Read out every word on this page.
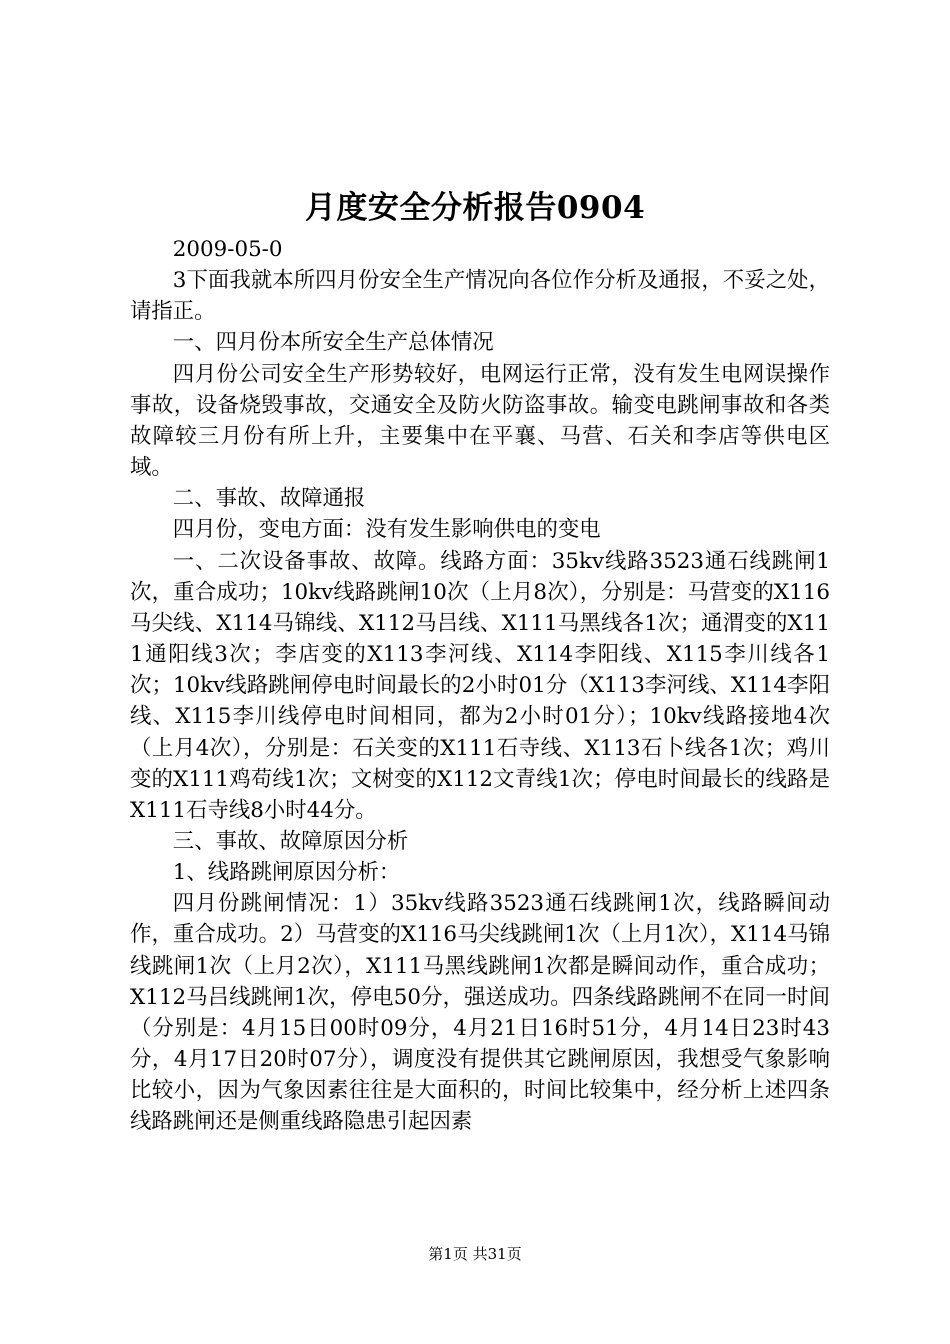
月度安全分析报告0904

2009-05-0

3下面我就本所四月份安全生产情况向各位作分析及通报，不妥之处，请指正。

一、四月份本所安全生产总体情况

四月份公司安全生产形势较好，电网运行正常，没有发生电网误操作事故，设备烧毁事故，交通安全及防火防盗事故。输变电跳闸事故和各类故障较三月份有所上升，主要集中在平襄、马营、石关和李店等供电区域。

二、事故、故障通报

四月份，变电方面：没有发生影响供电的变电

一、二次设备事故、故障。线路方面：35kv线路3523通石线跳闸1次，重合成功；10kv线路跳闸10次（上月8次），分别是：马营变的X116马尖线、X114马锦线、X112马吕线、X111马黑线各1次；通渭变的X111通阳线3次；李店变的X113李河线、X114李阳线、X115李川线各1次；10kv线路跳闸停电时间最长的2小时01分（X113李河线、X114李阳线、X115李川线停电时间相同，都为2小时01分）；10kv线路接地4次（上月4次），分别是：石关变的X111石寺线、X113石卜线各1次；鸡川变的X111鸡苟线1次；文树变的X112文青线1次；停电时间最长的线路是X111石寺线8小时44分。

三、事故、故障原因分析

1、线路跳闸原因分析：

四月份跳闸情况：1）35kv线路3523通石线跳闸1次，线路瞬间动作，重合成功。2）马营变的X116马尖线跳闸1次（上月1次），X114马锦线跳闸1次（上月2次），X111马黑线跳闸1次都是瞬间动作，重合成功；X112马吕线跳闸1次，停电50分，强送成功。四条线路跳闸不在同一时间（分别是：4月15日00时09分，4月21日16时51分，4月14日23时43分，4月17日20时07分），调度没有提供其它跳闸原因，我想受气象影响比较小，因为气象因素往往是大面积的，时间比较集中，经分析上述四条线路跳闸还是侧重线路隐患引起因素

第1页 共31页
